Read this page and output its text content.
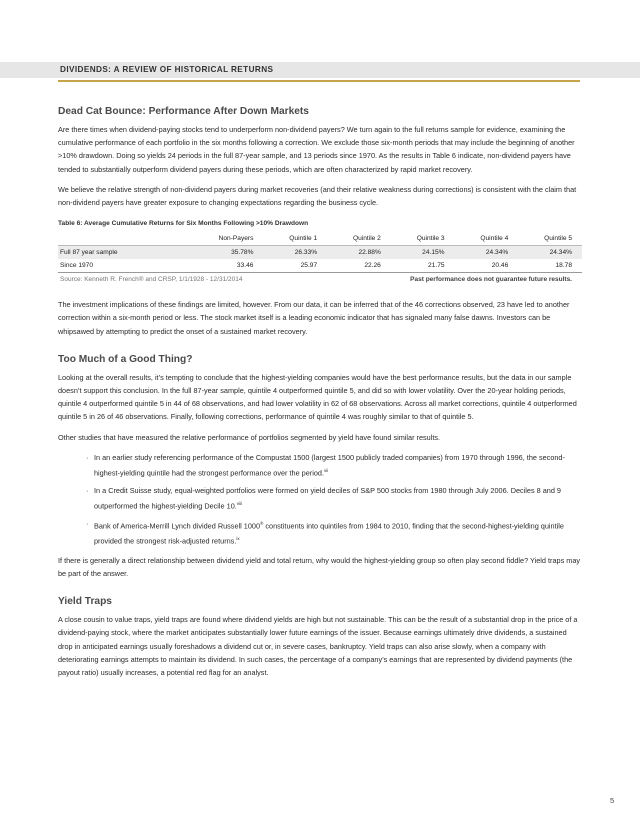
DIVIDENDS: A REVIEW OF HISTORICAL RETURNS
Dead Cat Bounce: Performance After Down Markets

Are there times when dividend-paying stocks tend to underperform non-dividend payers? We turn again to the full returns sample for evidence, examining the cumulative performance of each portfolio in the six months following a correction. We exclude those six-month periods that may include the beginning of another >10% drawdown. Doing so yields 24 periods in the full 87-year sample, and 13 periods since 1970. As the results in Table 6 indicate, non-dividend payers have tended to substantially outperform dividend payers during these periods, which are often characterized by rapid market recovery.

We believe the relative strength of non-dividend payers during market recoveries (and their relative weakness during corrections) is consistent with the claim that non-dividend payers have greater exposure to changing expectations regarding the business cycle.

Table 6: Average Cumulative Returns for Six Months Following >10% Drawdown
	Non-Payers	Quintile 1	Quintile 2	Quintile 3	Quintile 4	Quintile 5
Full 87 year sample	35.78%	26.33%	22.88%	24.15%	24.34%	24.34%
Since 1970	33.46	25.97	22.26	21.75	20.46	18.78
Source: Kenneth R. French® and CRSP, 1/1/1928 - 12/31/2014	Past performance does not guarantee future results.

The investment implications of these findings are limited, however. From our data, it can be inferred that of the 46 corrections observed, 23 have led to another correction within a six-month period or less. The stock market itself is a leading economic indicator that has signaled many false dawns. Investors can be whipsawed by attempting to predict the onset of a sustained market recovery.

Too Much of a Good Thing?

Looking at the overall results, it’s tempting to conclude that the highest-yielding companies would have the best performance results, but the data in our sample doesn’t support this conclusion. In the full 87-year sample, quintile 4 outperformed quintile 5, and did so with lower volatility. Over the 20-year holding periods, quintile 4 outperformed quintile 5 in 44 of 68 observations, and had lower volatility in 62 of 68 observations. Across all market corrections, quintile 4 outperformed quintile 5 in 26 of 46 observations. Finally, following corrections, performance of quintile 4 was roughly similar to that of quintile 5.

Other studies that have measured the relative performance of portfolios segmented by yield have found similar results.

· In an earlier study referencing performance of the Compustat 1500 (largest 1500 publicly traded companies) from 1970 through 1996, the second-highest-yielding quintile had the strongest performance over the period.$^{vii}$
· In a Credit Suisse study, equal-weighted portfolios were formed on yield deciles of S&P 500 stocks from 1980 through July 2006. Deciles 8 and 9 outperformed the highest-yielding Decile 10.$^{viii}$
· Bank of America-Merrill Lynch divided Russell 1000® constituents into quintiles from 1984 to 2010, finding that the second-highest-yielding quintile provided the strongest risk-adjusted returns.$^{ix}$

If there is generally a direct relationship between dividend yield and total return, why would the highest-yielding group so often play second fiddle? Yield traps may be part of the answer.

Yield Traps

A close cousin to value traps, yield traps are found where dividend yields are high but not sustainable. This can be the result of a substantial drop in the price of a dividend-paying stock, where the market anticipates substantially lower future earnings of the issuer. Because earnings ultimately drive dividends, a sustained drop in anticipated earnings usually foreshadows a dividend cut or, in severe cases, bankruptcy. Yield traps can also arise slowly, when a company with deteriorating earnings attempts to maintain its dividend. In such cases, the percentage of a company’s earnings that are represented by dividend payments (the payout ratio) usually increases, a potential red flag for an analyst.

5
